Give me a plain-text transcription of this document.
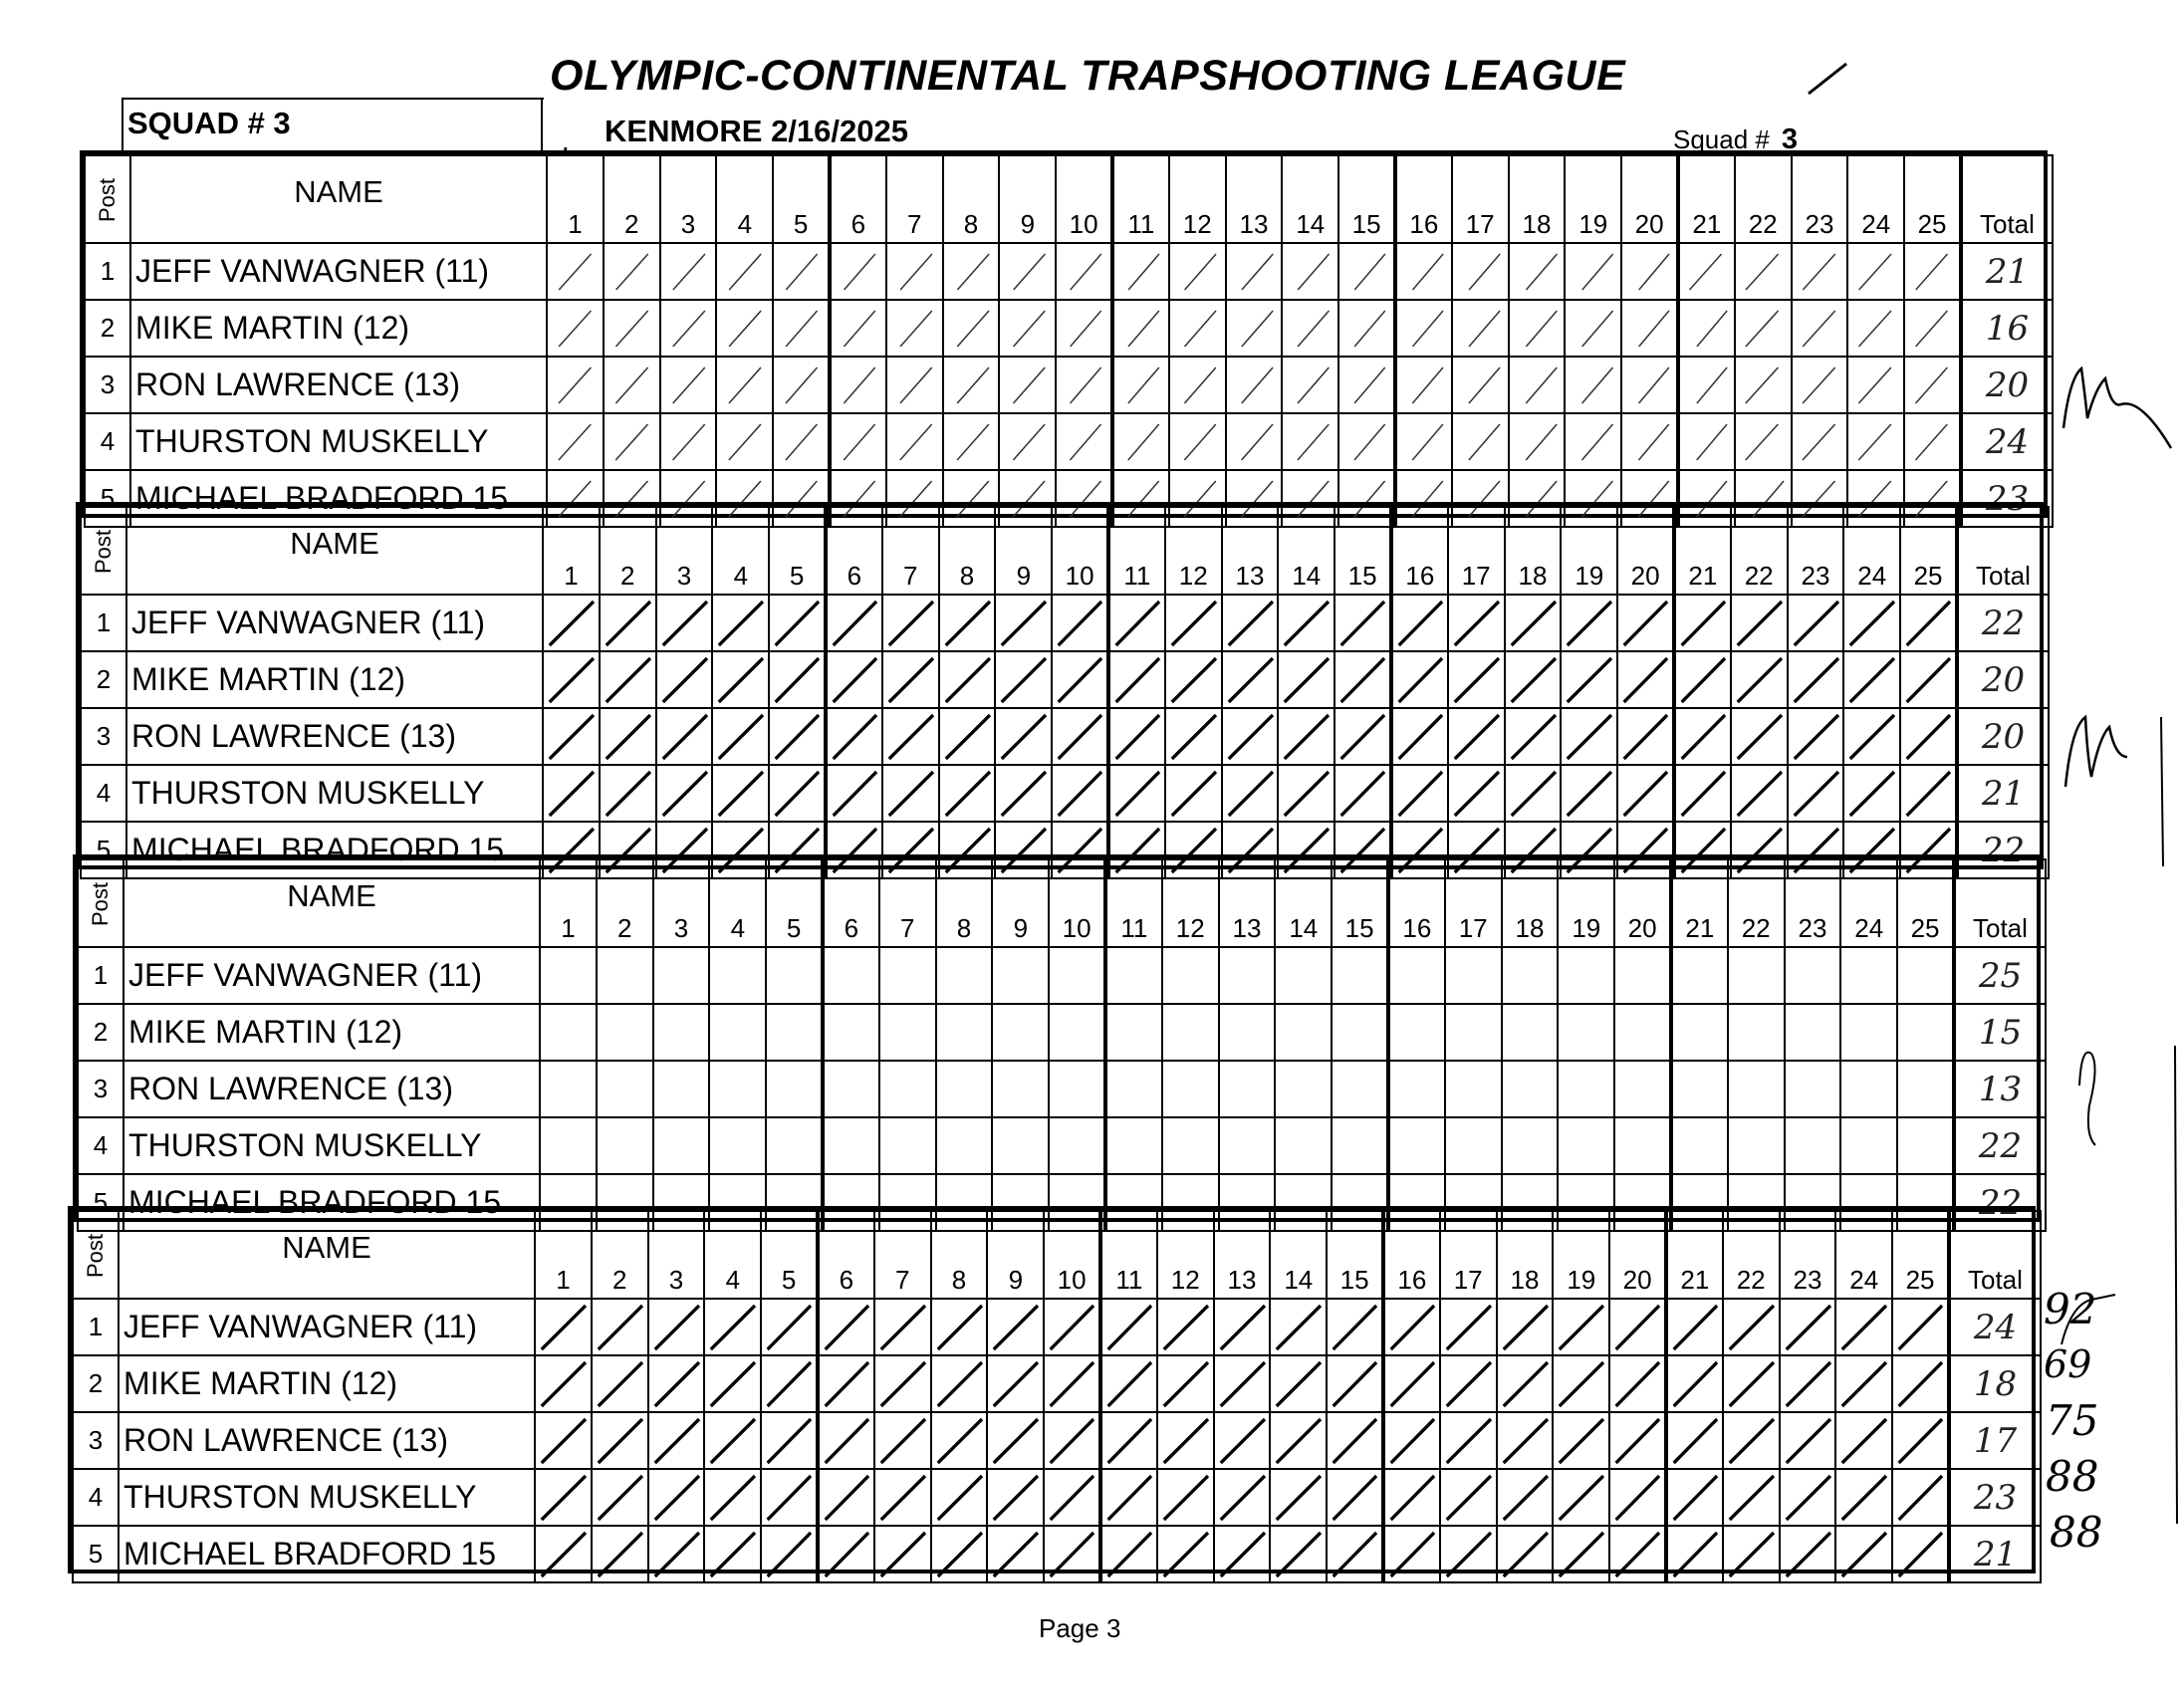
OLYMPIC-CONTINENTAL TRAPSHOOTING LEAGUE
SQUAD # 3
, KENMORE 2/16/2025	Squad # 3
Post	NAME	1	2	3	4	5	6	7	8	9	10	11	12	13	14	15	16	17	18	19	20	21	22	23	24	25	Total
1	JEFF VANWAGNER (11)																										21
2	MIKE MARTIN (12)																										16
3	RON LAWRENCE (13)																										20
4	THURSTON MUSKELLY																										24
5	MICHAEL BRADFORD 15																										23
Post	NAME	1	2	3	4	5	6	7	8	9	10	11	12	13	14	15	16	17	18	19	20	21	22	23	24	25	Total
1	JEFF VANWAGNER (11)																										22
2	MIKE MARTIN (12)																										20
3	RON LAWRENCE (13)																										20
4	THURSTON MUSKELLY																										21
5	MICHAEL BRADFORD 15																										22
Post	NAME	1	2	3	4	5	6	7	8	9	10	11	12	13	14	15	16	17	18	19	20	21	22	23	24	25	Total
1	JEFF VANWAGNER (11)																										25
2	MIKE MARTIN (12)																										15
3	RON LAWRENCE (13)																										13
4	THURSTON MUSKELLY																										22
5	MICHAEL BRADFORD 15																										22
Post	NAME	1	2	3	4	5	6	7	8	9	10	11	12	13	14	15	16	17	18	19	20	21	22	23	24	25	Total
1	JEFF VANWAGNER (11)																										24
2	MIKE MARTIN (12)																										18
3	RON LAWRENCE (13)																										17
4	THURSTON MUSKELLY																										23
5	MICHAEL BRADFORD 15																										21
92
69
75
88
88
Page 3
